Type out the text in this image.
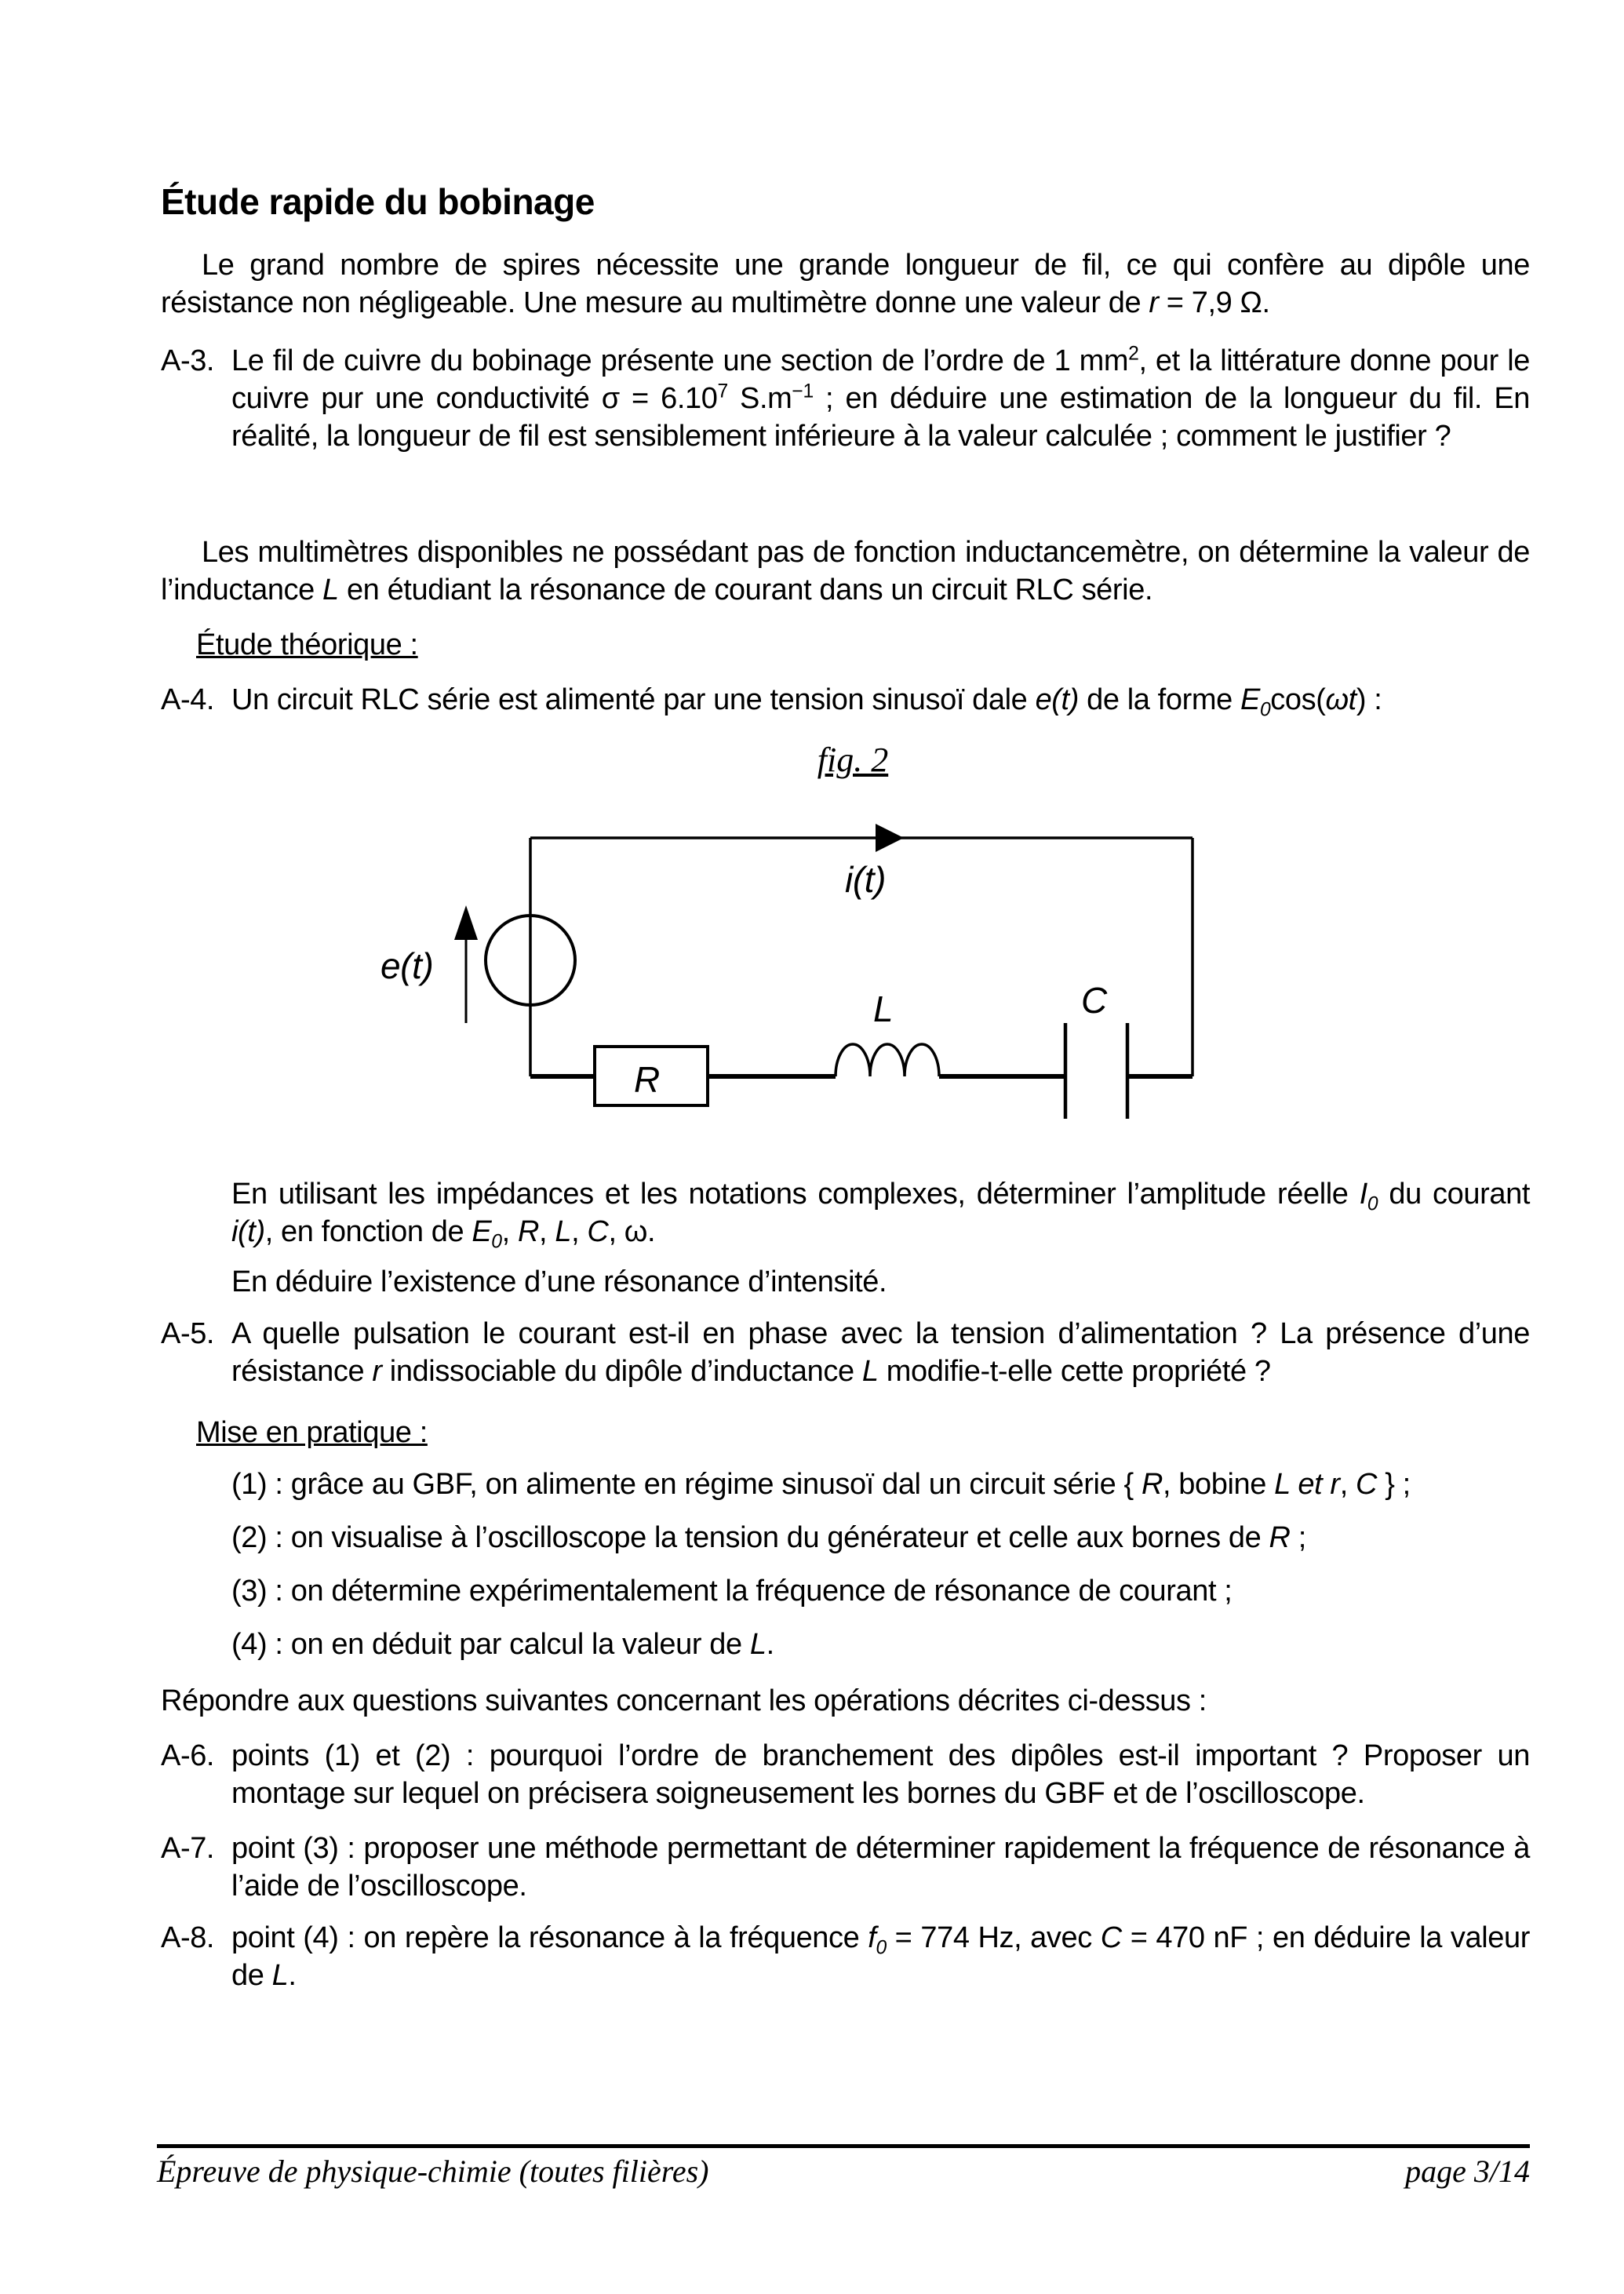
Étude rapide du bobinage

Le grand nombre de spires nécessite une grande longueur de fil, ce qui confère au dipôle une résistance non négligeable. Une mesure au multimètre donne une valeur de r = 7,9 Ω.

A-3. Le fil de cuivre du bobinage présente une section de l’ordre de 1 $mm^2$, et la littérature donne pour le cuivre pur une conductivité $\sigma = 6.10^7$ $S.m^{-1}$ ; en déduire une estimation de la longueur du fil. En réalité, la longueur de fil est sensiblement inférieure à la valeur calculée ; comment le justifier ?

Les multimètres disponibles ne possédant pas de fonction inductancemètre, on détermine la valeur de l’inductance L en étudiant la résonance de courant dans un circuit RLC série.

Étude théorique :
A-4. Un circuit RLC série est alimenté par une tension sinusoï dale e(t) de la forme $E_0\cos(\omega t)$ :
fig. 2
i(t)
e(t)
R
L	C

En utilisant les impédances et les notations complexes, déterminer l’amplitude réelle $I_0$ du courant i(t), en fonction de $E_0$, R, L, C, ω.

En déduire l’existence d’une résonance d’intensité.

A-5. A quelle pulsation le courant est-il en phase avec la tension d’alimentation ? La présence d’une résistance r indissociable du dipôle d’inductance L modifie-t-elle cette propriété ?
Mise en pratique :

(1) : grâce au GBF, on alimente en régime sinusoï dal un circuit série { R, bobine L et r, C } ;

(2) : on visualise à l’oscilloscope la tension du générateur et celle aux bornes de R ;

(3) : on détermine expérimentalement la fréquence de résonance de courant ;

(4) : on en déduit par calcul la valeur de L.

Répondre aux questions suivantes concernant les opérations décrites ci-dessus :

A-6. points (1) et (2) : pourquoi l’ordre de branchement des dipôles est-il important ? Proposer un montage sur lequel on précisera soigneusement les bornes du GBF et de l’oscilloscope.
A-7. point (3) : proposer une méthode permettant de déterminer rapidement la fréquence de résonance à l’aide de l’oscilloscope.
A-8. point (4) : on repère la résonance à la fréquence $f_0 = 774$ Hz, avec C = 470 nF ; en déduire la valeur de L.
Épreuve de physique-chimie (toutes filières)	page 3/14
